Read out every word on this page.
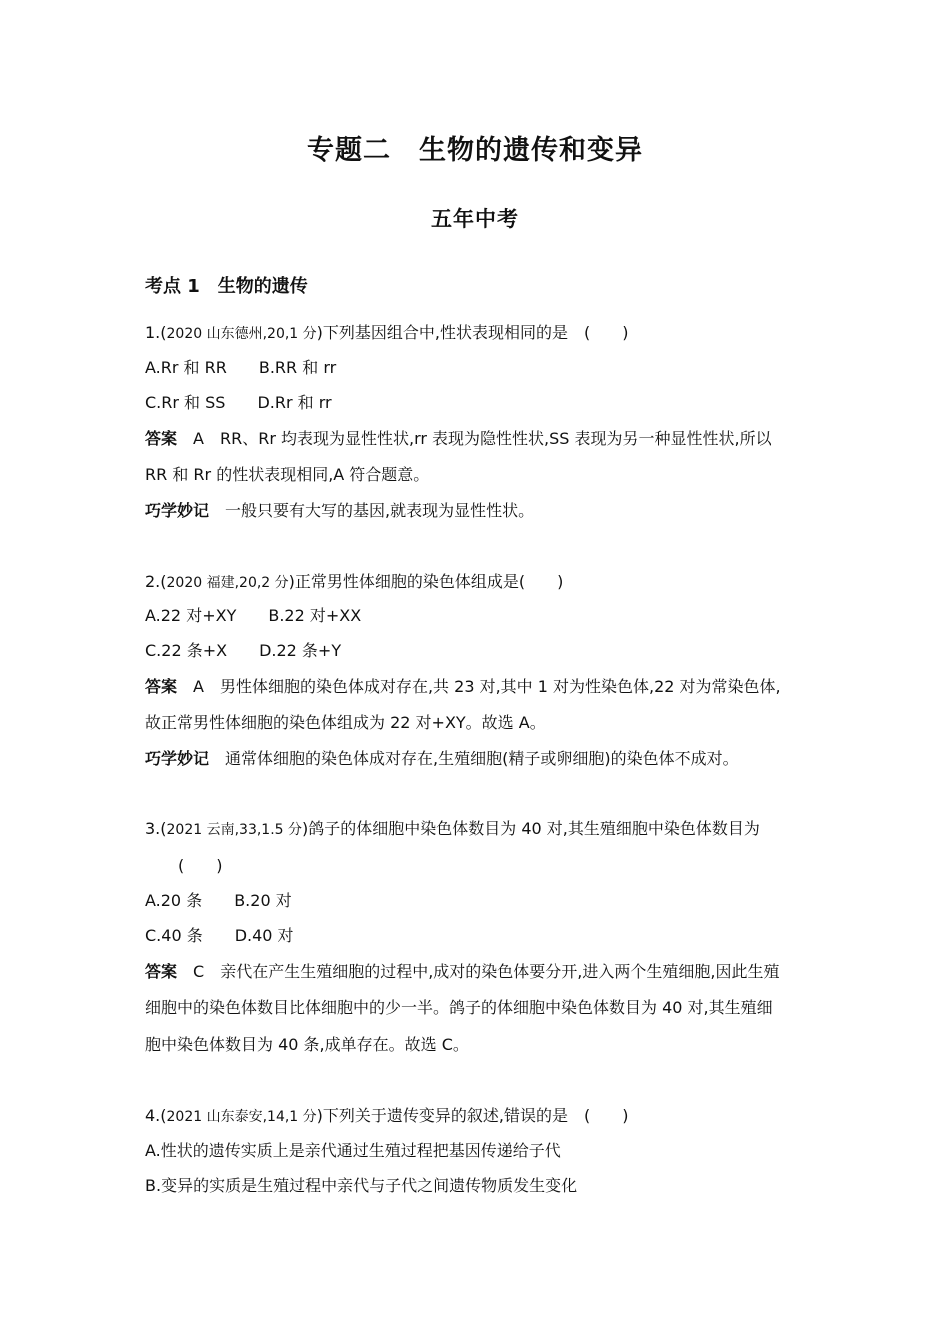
专题二　生物的遗传和变异
五年中考
考点 1　生物的遗传
1.(2020 山东德州,20,1 分)下列基因组合中,性状表现相同的是　(　　)
A.Rr 和 RR　　B.RR 和 rr
C.Rr 和 SS　　D.Rr 和 rr
答案　A　RR、Rr 均表现为显性性状,rr 表现为隐性性状,SS 表现为另一种显性性状,所以
RR 和 Rr 的性状表现相同,A 符合题意。
巧学妙记　一般只要有大写的基因,就表现为显性性状。
2.(2020 福建,20,2 分)正常男性体细胞的染色体组成是(　　)
A.22 对+XY　　B.22 对+XX
C.22 条+X　　D.22 条+Y
答案　A　男性体细胞的染色体成对存在,共 23 对,其中 1 对为性染色体,22 对为常染色体,
故正常男性体细胞的染色体组成为 22 对+XY。故选 A。
巧学妙记　通常体细胞的染色体成对存在,生殖细胞(精子或卵细胞)的染色体不成对。
3.(2021 云南,33,1.5 分)鸽子的体细胞中染色体数目为 40 对,其生殖细胞中染色体数目为
(　　)
A.20 条　　B.20 对
C.40 条　　D.40 对
答案　C　亲代在产生生殖细胞的过程中,成对的染色体要分开,进入两个生殖细胞,因此生殖
细胞中的染色体数目比体细胞中的少一半。鸽子的体细胞中染色体数目为 40 对,其生殖细
胞中染色体数目为 40 条,成单存在。故选 C。
4.(2021 山东泰安,14,1 分)下列关于遗传变异的叙述,错误的是　(　　)
A.性状的遗传实质上是亲代通过生殖过程把基因传递给子代
B.变异的实质是生殖过程中亲代与子代之间遗传物质发生变化
